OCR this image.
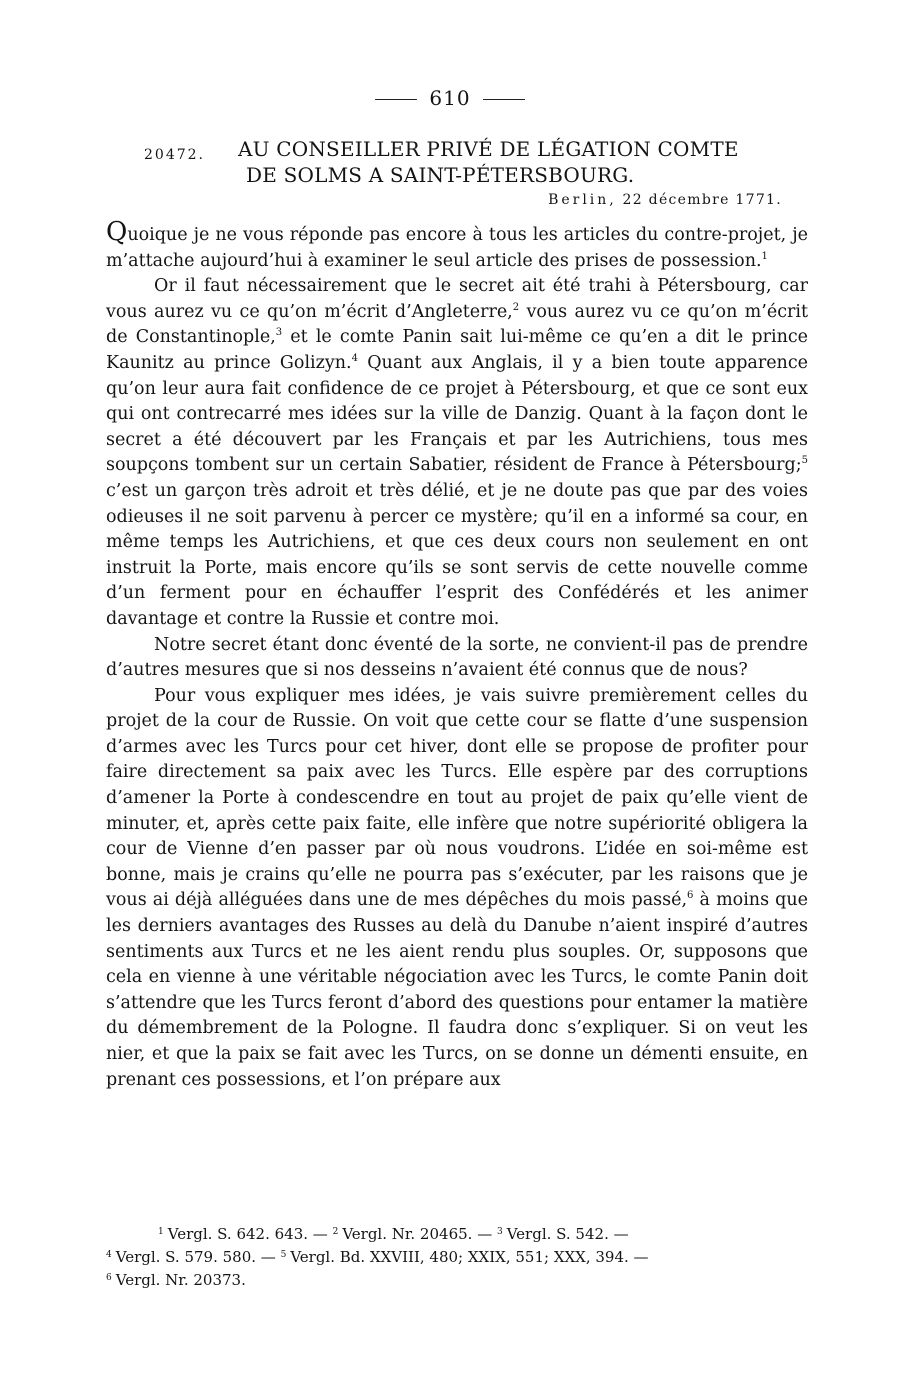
610
20472. AU CONSEILLER PRIVÉ DE LÉGATION COMTE
DE SOLMS A SAINT-PÉTERSBOURG.
Berlin, 22 décembre 1771.

Quoique je ne vous réponde pas encore à tous les articles du contre-projet, je m’attache aujourd’hui à examiner le seul article des prises de possession.$^1$

Or il faut nécessairement que le secret ait été trahi à Pétersbourg, car vous aurez vu ce qu’on m’écrit d’Angleterre,$^2$ vous aurez vu ce qu’on m’écrit de Constantinople,$^3$ et le comte Panin sait lui-même ce qu’en a dit le prince Kaunitz au prince Golizyn.$^4$ Quant aux Anglais, il y a bien toute apparence qu’on leur aura fait confidence de ce projet à Pétersbourg, et que ce sont eux qui ont contrecarré mes idées sur la ville de Danzig. Quant à la façon dont le secret a été découvert par les Français et par les Autrichiens, tous mes soupçons tombent sur un certain Sabatier, résident de France à Pétersbourg;$^5$ c’est un garçon très adroit et très délié, et je ne doute pas que par des voies odieuses il ne soit parvenu à percer ce mystère; qu’il en a informé sa cour, en même temps les Autrichiens, et que ces deux cours non seulement en ont instruit la Porte, mais encore qu’ils se sont servis de cette nouvelle comme d’un ferment pour en échauffer l’esprit des Confédérés et les animer davantage et contre la Russie et contre moi.

Notre secret étant donc éventé de la sorte, ne convient-il pas de prendre d’autres mesures que si nos desseins n’avaient été connus que de nous?

Pour vous expliquer mes idées, je vais suivre premièrement celles du projet de la cour de Russie. On voit que cette cour se flatte d’une suspension d’armes avec les Turcs pour cet hiver, dont elle se propose de profiter pour faire directement sa paix avec les Turcs. Elle espère par des corruptions d’amener la Porte à condescendre en tout au projet de paix qu’elle vient de minuter, et, après cette paix faite, elle infère que notre supériorité obligera la cour de Vienne d’en passer par où nous voudrons. L’idée en soi-même est bonne, mais je crains qu’elle ne pourra pas s’exécuter, par les raisons que je vous ai déjà alléguées dans une de mes dépêches du mois passé,$^6$ à moins que les derniers avantages des Russes au delà du Danube n’aient inspiré d’autres sentiments aux Turcs et ne les aient rendu plus souples. Or, supposons que cela en vienne à une véritable négociation avec les Turcs, le comte Panin doit s’attendre que les Turcs feront d’abord des questions pour entamer la matière du démembrement de la Pologne. Il faudra donc s’expliquer. Si on veut les nier, et que la paix se fait avec les Turcs, on se donne un démenti ensuite, en prenant ces possessions, et l’on prépare aux

$^1$ Vergl. S. 642. 643. — $^2$ Vergl. Nr. 20465. — $^3$ Vergl. S. 542. —
$^4$ Vergl. S. 579. 580. — $^5$ Vergl. Bd. XXVIII, 480; XXIX, 551; XXX, 394. —
$^6$ Vergl. Nr. 20373.
